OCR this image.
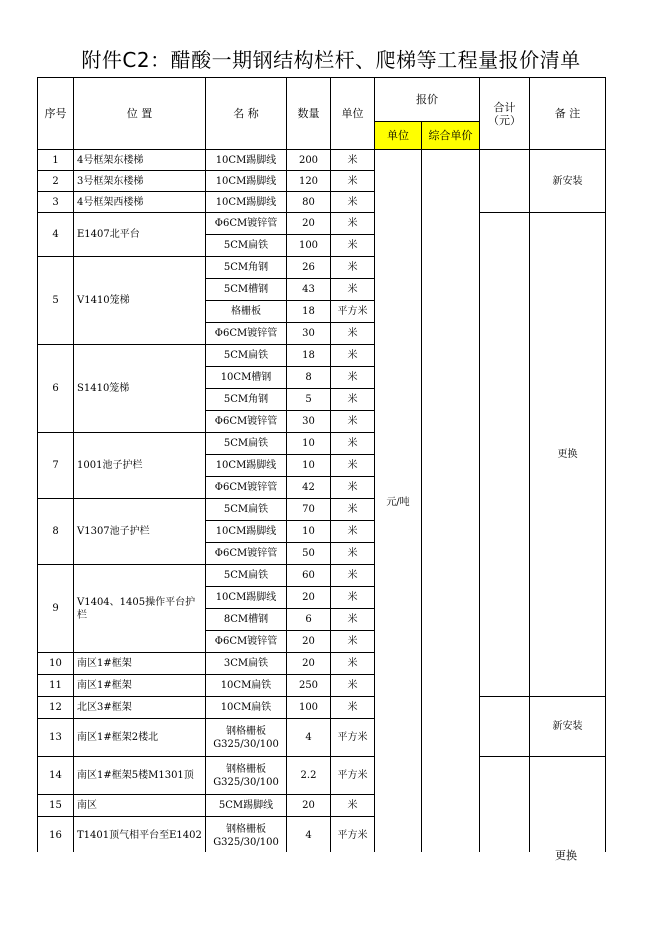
附件C2：醋酸一期钢结构栏杆、爬梯等工程量报价清单
序号	位 置	名 称	数量	单位	报价		合计
（元）	备 注
					单位	综合单价		
1	4号框架东楼梯	10CM踢脚线	200	米	元/吨			新安装
2	3号框架东楼梯	10CM踢脚线	120	米				
3	4号框架西楼梯	10CM踢脚线	80	米				
4	E1407北平台	Φ6CM镀锌管	20	米				更换
		5CM扁铁	100	米				
5	V1410笼梯	5CM角钢	26	米				
		5CM槽钢	43	米				
		格栅板	18	平方米				
		Φ6CM镀锌管	30	米				
6	S1410笼梯	5CM扁铁	18	米				
		10CM槽钢	8	米				
		5CM角钢	5	米				
		Φ6CM镀锌管	30	米				
7	1001池子护栏	5CM扁铁	10	米				
		10CM踢脚线	10	米				
		Φ6CM镀锌管	42	米				
8	V1307池子护栏	5CM扁铁	70	米				
		10CM踢脚线	10	米				
		Φ6CM镀锌管	50	米				
9	V1404、1405操作平台护栏	5CM扁铁	60	米				
		10CM踢脚线	20	米				
		8CM槽钢	6	米				
		Φ6CM镀锌管	20	米				
10	南区1#框架	3CM扁铁	20	米				
11	南区1#框架	10CM扁铁	250	米				
12	北区3#框架	10CM扁铁	100	米				新安装
13	南区1#框架2楼北	钢格栅板
G325/30/100	4	平方米				
14	南区1#框架5楼M1301顶	钢格栅板
G325/30/100	2.2	平方米				
15	南区	5CM踢脚线	20	米				
16	T1401顶气相平台至E1402	钢格栅板
G325/30/100	4	平方米				
更换
